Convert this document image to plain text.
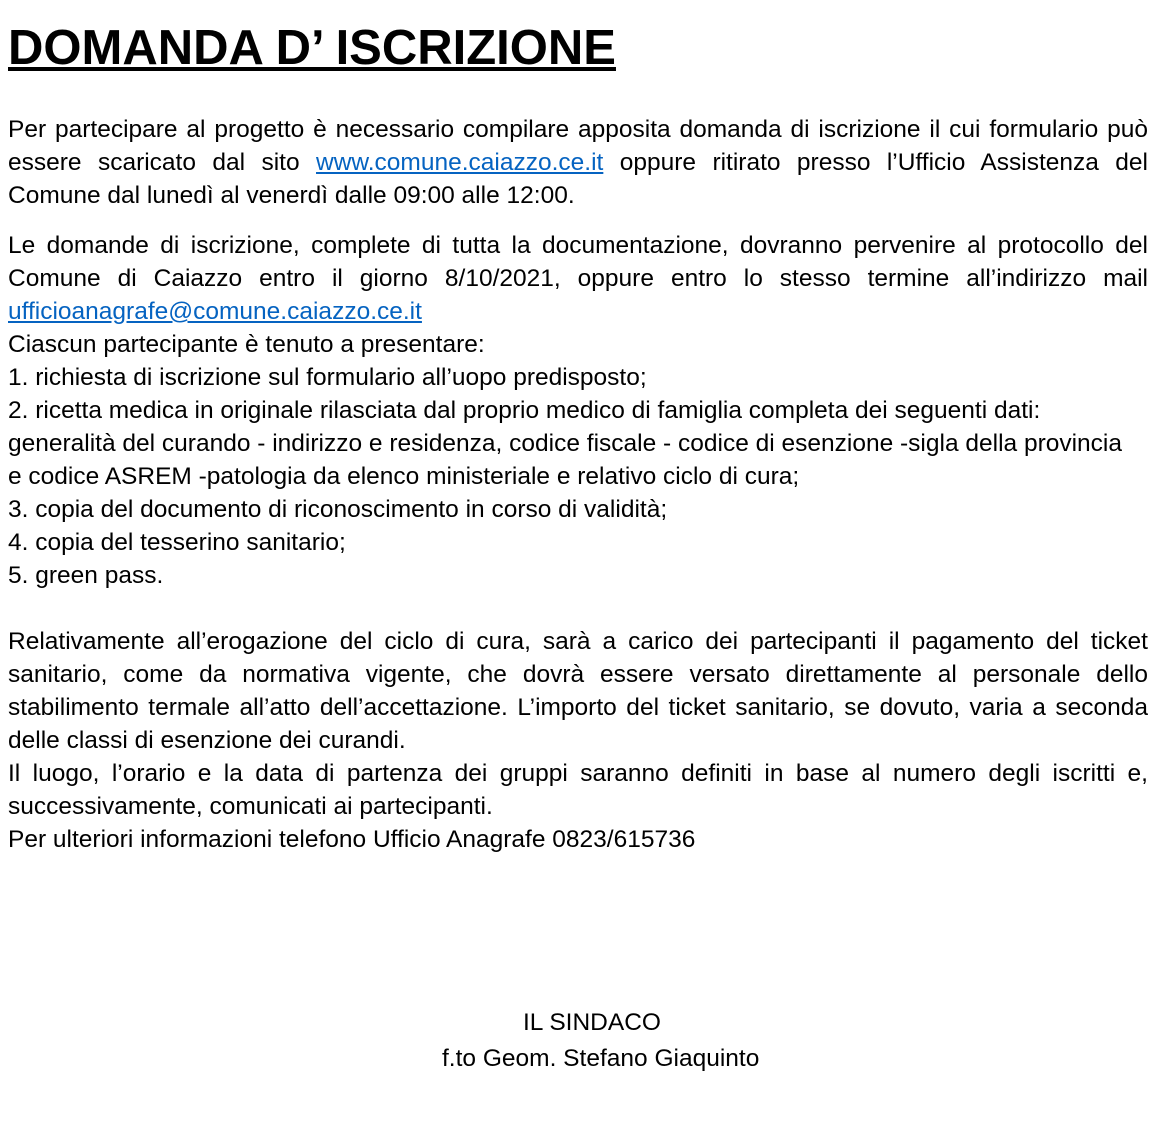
DOMANDA D’ ISCRIZIONE

Per partecipare al progetto è necessario compilare apposita domanda di iscrizione il cui formulario può essere scaricato dal sito www.comune.caiazzo.ce.it oppure ritirato presso l’Ufficio Assistenza del Comune dal lunedì al venerdì dalle 09:00 alle 12:00.

Le domande di iscrizione, complete di tutta la documentazione, dovranno pervenire al protocollo del Comune di Caiazzo entro il giorno 8/10/2021, oppure entro lo stesso termine all’indirizzo mail ufficioanagrafe@comune.caiazzo.ce.it

Ciascun partecipante è tenuto a presentare:

1. richiesta di iscrizione sul formulario all’uopo predisposto;
2. ricetta medica in originale rilasciata dal proprio medico di famiglia completa dei seguenti dati: generalità del curando - indirizzo e residenza, codice fiscale - codice di esenzione -sigla della provincia e codice ASREM -patologia da elenco ministeriale e relativo ciclo di cura;
3. copia del documento di riconoscimento in corso di validità;
4. copia del tesserino sanitario;
5. green pass.

Relativamente all’erogazione del ciclo di cura, sarà a carico dei partecipanti il pagamento del ticket sanitario, come da normativa vigente, che dovrà essere versato direttamente al personale dello stabilimento termale all’atto dell’accettazione. L’importo del ticket sanitario, se dovuto, varia a seconda delle classi di esenzione dei curandi.

Il luogo, l’orario e la data di partenza dei gruppi saranno definiti in base al numero degli iscritti e, successivamente, comunicati ai partecipanti.

Per ulteriori informazioni telefono Ufficio Anagrafe 0823/615736

IL SINDACO
f.to Geom. Stefano Giaquinto
